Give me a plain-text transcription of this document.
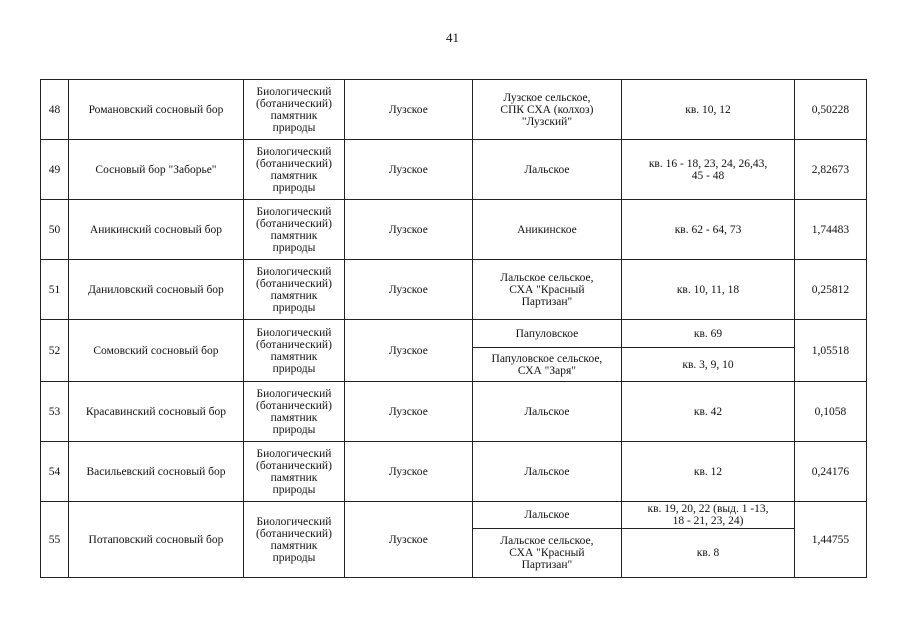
41
48	Романовский сосновый бор	Биологический
(ботанический)
памятник
природы	Лузское	Лузское сельское,
СПК СХА (колхоз)
"Лузский"	кв. 10, 12	0,50228
49	Сосновый бор "Заборье"	Биологический
(ботанический)
памятник
природы	Лузское	Лальское	кв. 16 - 18, 23, 24, 26,43,
45 - 48	2,82673
50	Аникинский сосновый бор	Биологический
(ботанический)
памятник
природы	Лузское	Аникинское	кв. 62 - 64, 73	1,74483
51	Даниловский сосновый бор	Биологический
(ботанический)
памятник
природы	Лузское	Лальское сельское,
СХА "Красный
Партизан"	кв. 10, 11, 18	0,25812
52	Сомовский сосновый бор	Биологический
(ботанический)
памятник
природы	Лузское	Папуловское	кв. 69	1,05518
				Папуловское сельское,
СХА "Заря"	кв. 3, 9, 10	
53	Красавинский сосновый бор	Биологический
(ботанический)
памятник
природы	Лузское	Лальское	кв. 42	0,1058
54	Васильевский сосновый бор	Биологический
(ботанический)
памятник
природы	Лузское	Лальское	кв. 12	0,24176
55	Потаповский сосновый бор	Биологический
(ботанический)
памятник
природы	Лузское	Лальское	кв. 19, 20, 22 (выд. 1 -13,
18 - 21, 23, 24)	1,44755
				Лальское сельское,
СХА "Красный
Партизан"	кв. 8	
